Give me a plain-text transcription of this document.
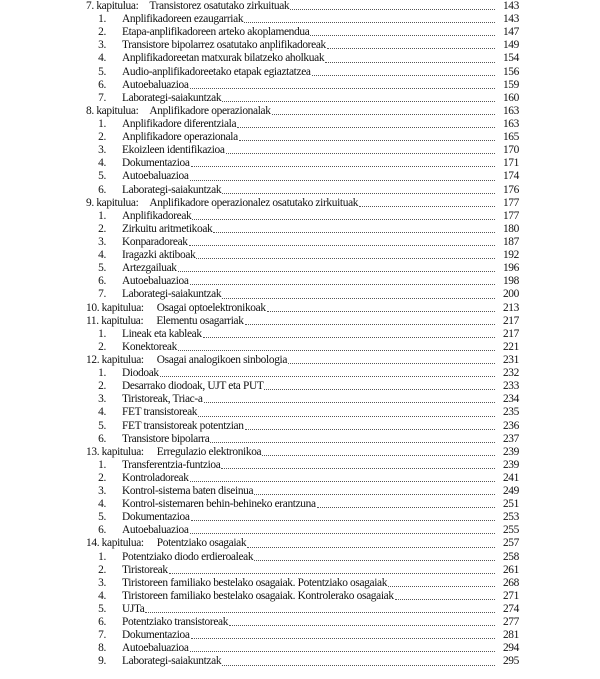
7. kapitulua: Transistorez osatutako zirkuituak	143
1. Anplifikadoreen ezaugarriak	143
2. Etapa-anplifikadoreen arteko akoplamendua	147
3. Transistore bipolarrez osatutako anplifikadoreak	149
4. Anplifikadoreetan matxurak bilatzeko aholkuak	154
5. Audio-anplifikadoreetako etapak egiaztatzea	156
6. Autoebaluazioa	159
7. Laborategi-saiakuntzak	160
8. kapitulua: Anplifikadore operazionalak	163
1. Anplifikadore diferentziala	163
2. Anplifikadore operazionala	165
3. Ekoizleen identifikazioa	170
4. Dokumentazioa	171
5. Autoebaluazioa	174
6. Laborategi-saiakuntzak	176
9. kapitulua: Anplifikadore operazionalez osatutako zirkuituak	177
1. Anplifikadoreak	177
2. Zirkuitu aritmetikoak	180
3. Konparadoreak	187
4. Iragazki aktiboak	192
5. Artezgailuak	196
6. Autoebaluazioa	198
7. Laborategi-saiakuntzak	200
10. kapitulua: Osagai optoelektronikoak	213
11. kapitulua: Elementu osagarriak	217
1. Lineak eta kableak	217
2. Konektoreak	221
12. kapitulua: Osagai analogikoen sinbologia	231
1. Diodoak	232
2. Desarrako diodoak, UJT eta PUT	233
3. Tiristoreak, Triac-a	234
4. FET transistoreak	235
5. FET transistoreak potentzian	236
6. Transistore bipolarra	237
13. kapitulua: Erregulazio elektronikoa	239
1. Transferentzia-funtzioa	239
2. Kontroladoreak	241
3. Kontrol-sistema baten diseinua	249
4. Kontrol-sistemaren behin-behineko erantzuna	251
5. Dokumentazioa	253
6. Autoebaluazioa	255
14. kapitulua: Potentziako osagaiak	257
1. Potentziako diodo erdieroaleak	258
2. Tiristoreak	261
3. Tiristoreen familiako bestelako osagaiak. Potentziako osagaiak	268
4. Tiristoreen familiako bestelako osagaiak. Kontrolerako osagaiak	271
5. UJTa	274
6. Potentziako transistoreak	277
7. Dokumentazioa	281
8. Autoebaluazioa	294
9. Laborategi-saiakuntzak	295
